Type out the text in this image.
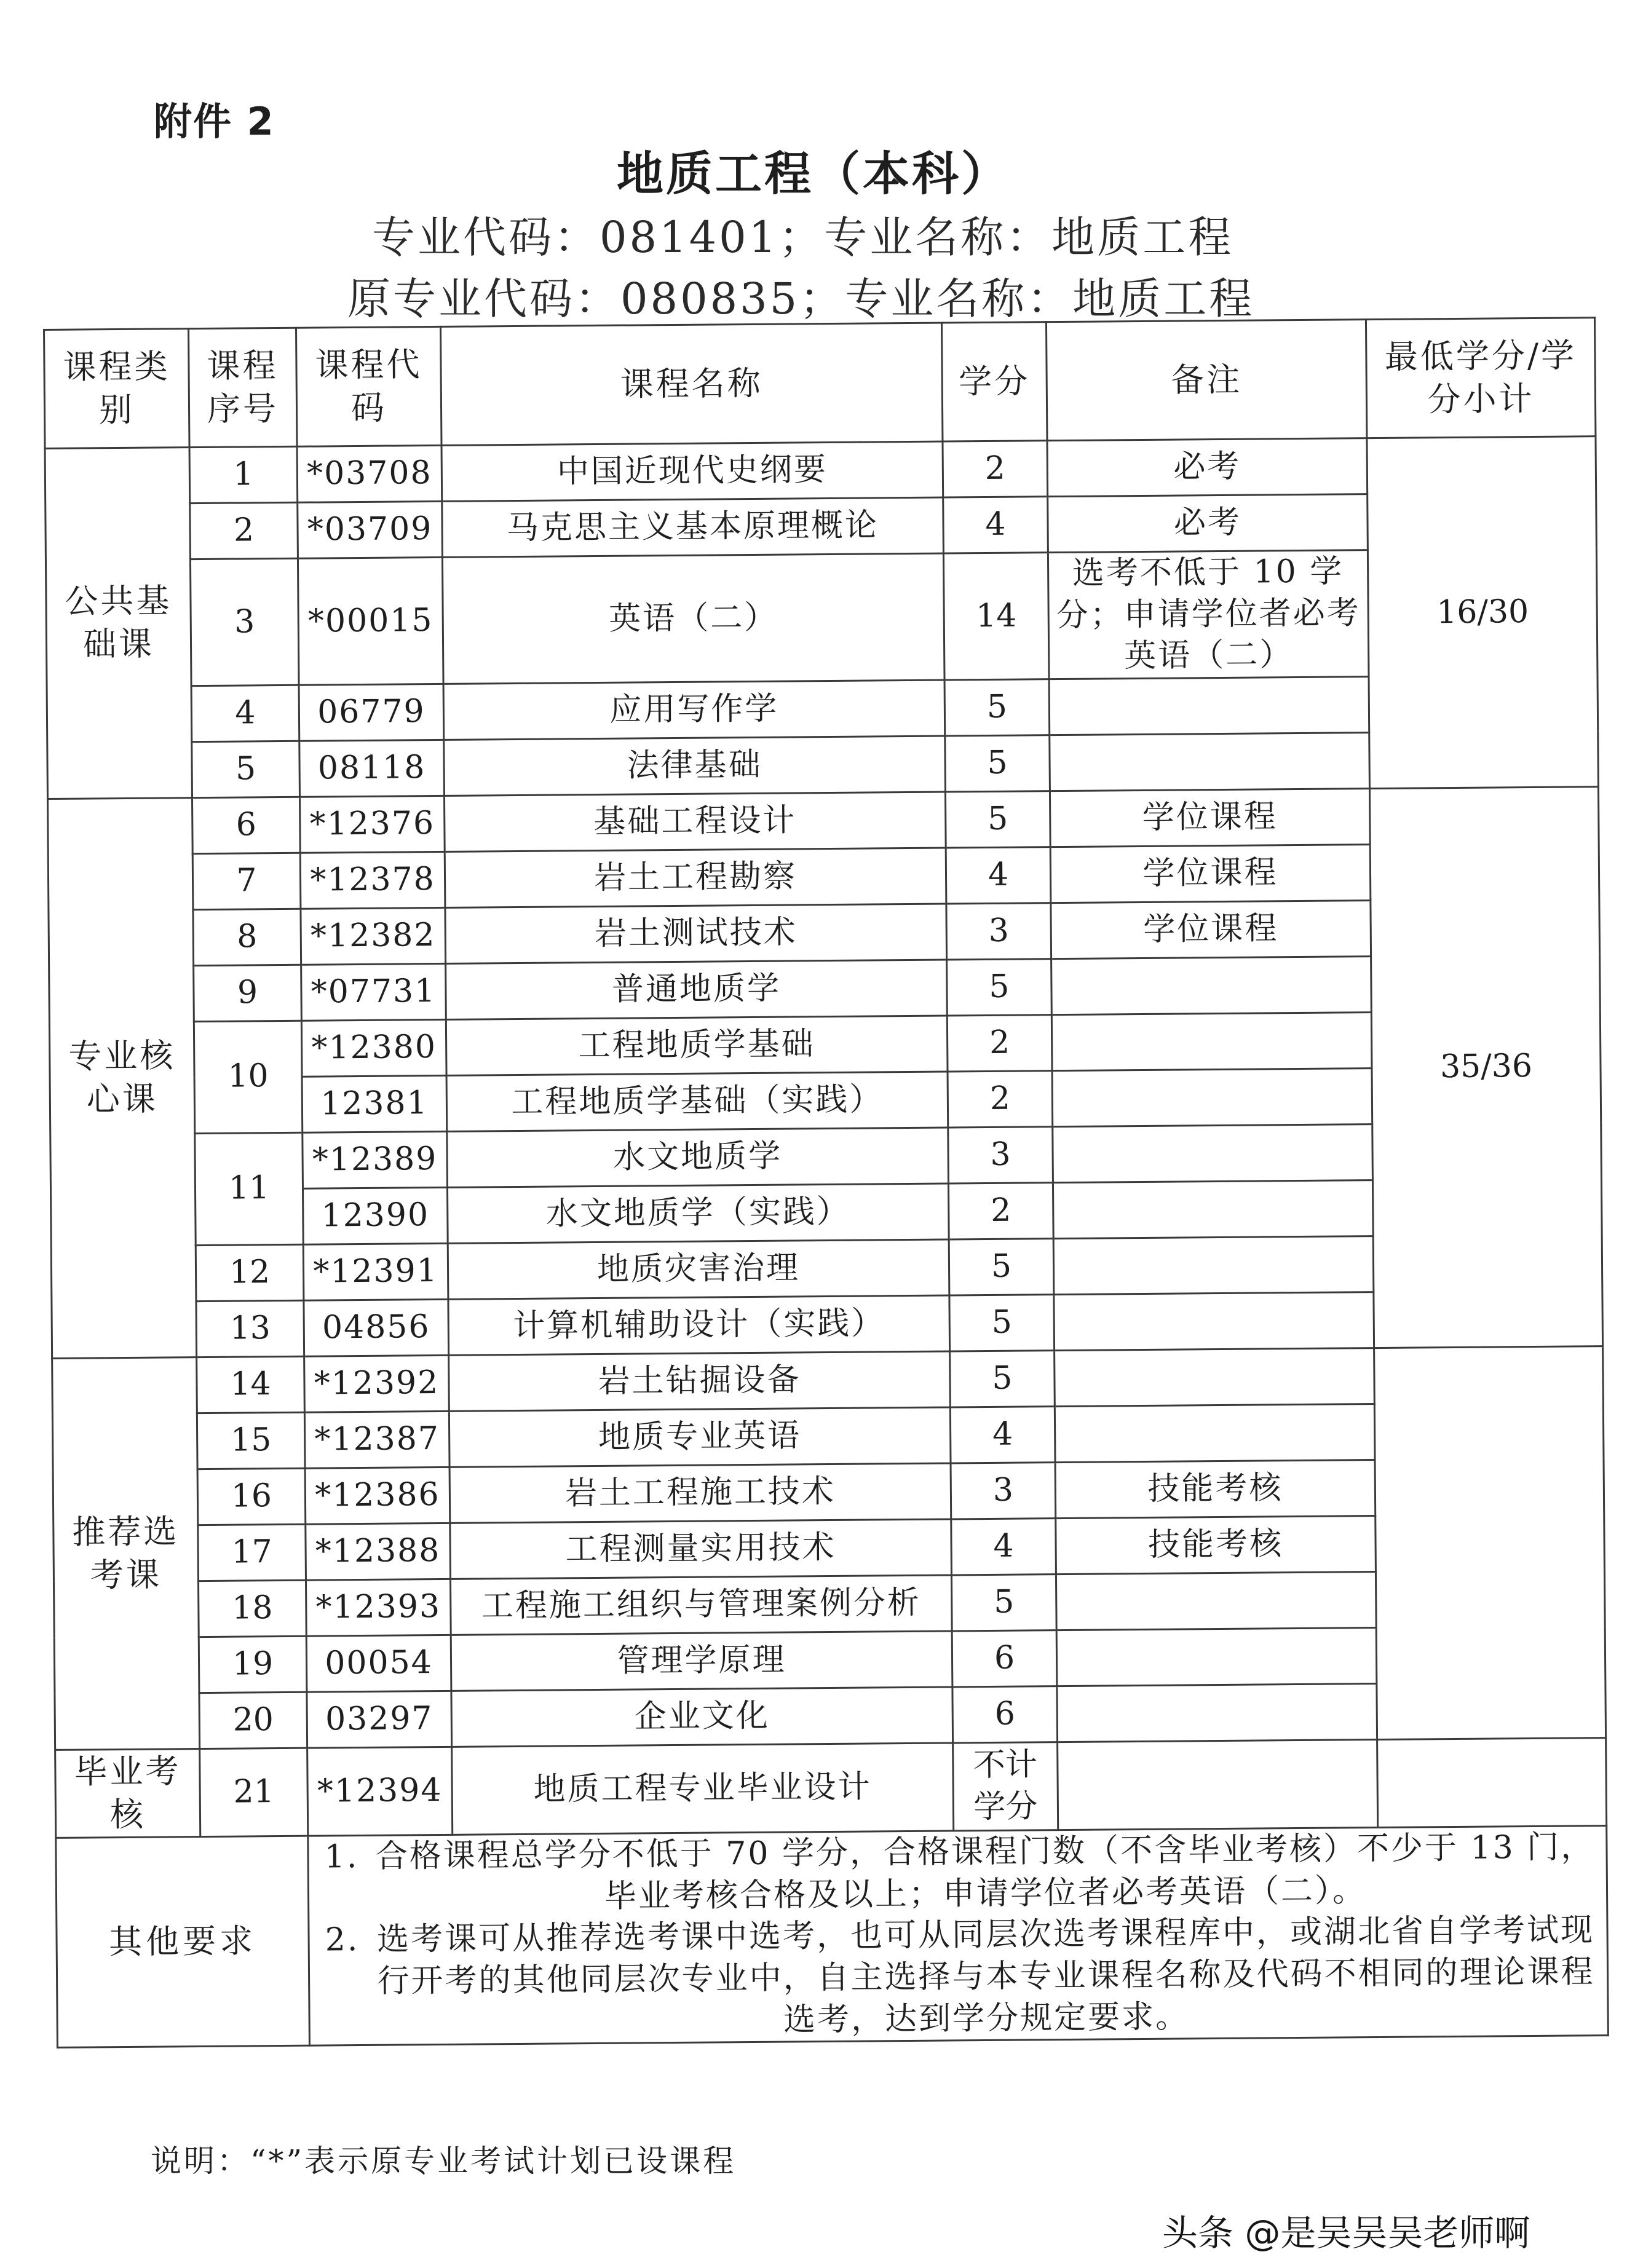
附件 2
地质工程（本科）
专业代码：081401；专业名称：地质工程
原专业代码：080835；专业名称：地质工程
课程类别	课程序号	课程代码	课程名称	学分	备注	最低学分/学分小计
公共基础课	1	*03708	中国近现代史纲要	2	必考	16/30
	2	*03709	马克思主义基本原理概论	4	必考	
	3	*00015	英语（二）	14	选考不低于 10 学分；申请学位者必考英语（二）	
	4	06779	应用写作学	5		
	5	08118	法律基础	5		
专业核心课	6	*12376	基础工程设计	5	学位课程	35/36
	7	*12378	岩土工程勘察	4	学位课程	
	8	*12382	岩土测试技术	3	学位课程	
	9	*07731	普通地质学	5		
	10	*12380	工程地质学基础	2		
		12381	工程地质学基础（实践）	2		
	11	*12389	水文地质学	3		
		12390	水文地质学（实践）	2		
	12	*12391	地质灾害治理	5		
	13	04856	计算机辅助设计（实践）	5		
推荐选考课	14	*12392	岩土钻掘设备	5		
	15	*12387	地质专业英语	4		
	16	*12386	岩土工程施工技术	3	技能考核	
	17	*12388	工程测量实用技术	4	技能考核	
	18	*12393	工程施工组织与管理案例分析	5		
	19	00054	管理学原理	6		
	20	03297	企业文化	6		
毕业考核	21	*12394	地质工程专业毕业设计	不计学分		
其他要求		1. 合格课程总学分不低于 70 学分，合格课程门数（不含毕业考核）不少于 13 门，毕业考核合格及以上；申请学位者必考英语（二）。
2. 选考课可从推荐选考课中选考，也可从同层次选考课程库中，或湖北省自学考试现行开考的其他同层次专业中，自主选择与本专业课程名称及代码不相同的理论课程选考，达到学分规定要求。				
说明：“*”表示原专业考试计划已设课程
头条 @是吴吴吴老师啊
